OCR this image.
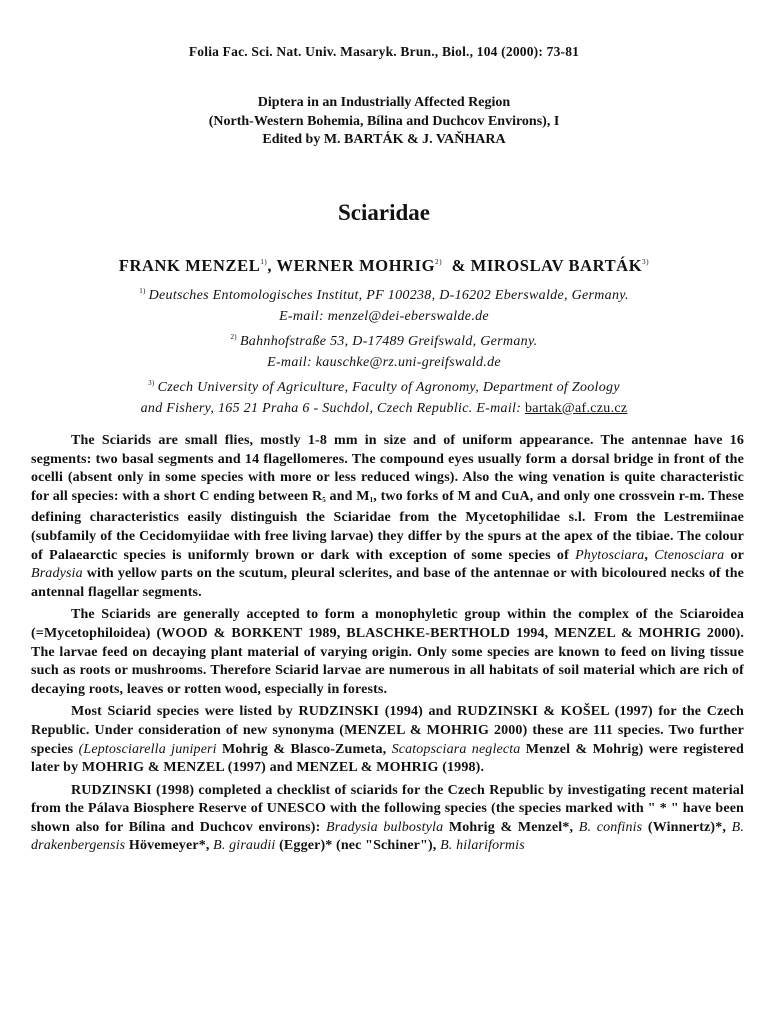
Folia Fac. Sci. Nat. Univ. Masaryk. Brun., Biol., 104 (2000): 73-81
Diptera in an Industrially Affected Region
(North-Western Bohemia, Bílina and Duchcov Environs), I
Edited by M. BARTÁK & J. VAŇHARA
Sciaridae
FRANK MENZEL$^{1)}$, WERNER MOHRIG$^{2)}$  & MIROSLAV BARTÁK$^{3)}$
$^{1)}$ Deutsches Entomologisches Institut, PF 100238, D-16202 Eberswalde, Germany.
E-mail: menzel@dei-eberswalde.de
$^{2)}$ Bahnhofstraße 53, D-17489 Greifswald, Germany.
E-mail: kauschke@rz.uni-greifswald.de
$^{3)}$ Czech University of Agriculture, Faculty of Agronomy, Department of Zoology
and Fishery, 165 21 Praha 6 - Suchdol, Czech Republic. E-mail: bartak@af.czu.cz

The Sciarids are small flies, mostly 1-8 mm in size and of uniform appearance. The antennae have 16 segments: two basal segments and 14 flagellomeres. The compound eyes usually form a dorsal bridge in front of the ocelli (absent only in some species with more or less reduced wings). Also the wing venation is quite characteristic for all species: with a short C ending between $R_5$ and $M_1$, two forks of M and CuA, and only one crossvein r-m. These defining characteristics easily distinguish the Sciaridae from the Mycetophilidae s.l. From the Lestremiinae (subfamily of the Cecidomyiidae with free living larvae) they differ by the spurs at the apex of the tibiae. The colour of Palaearctic species is uniformly brown or dark with exception of some species of Phytosciara, Ctenosciara or Bradysia with yellow parts on the scutum, pleural sclerites, and base of the antennae or with bicoloured necks of the antennal flagellar segments.

The Sciarids are generally accepted to form a monophyletic group within the complex of the Sciaroidea (=Mycetophiloidea) (WOOD & BORKENT 1989, BLASCHKE-BERTHOLD 1994, MENZEL & MOHRIG 2000). The larvae feed on decaying plant material of varying origin. Only some species are known to feed on living tissue such as roots or mushrooms. Therefore Sciarid larvae are numerous in all habitats of soil material which are rich of decaying roots, leaves or rotten wood, especially in forests.

Most Sciarid species were listed by RUDZINSKI (1994) and RUDZINSKI & KOŠEL (1997) for the Czech Republic. Under consideration of new synonyma (MENZEL & MOHRIG 2000) these are 111 species. Two further species (Leptosciarella juniperi Mohrig & Blasco-Zumeta, Scatopsciara neglecta Menzel & Mohrig) were registered later by MOHRIG & MENZEL (1997) and MENZEL & MOHRIG (1998).

RUDZINSKI (1998) completed a checklist of sciarids for the Czech Republic by investigating recent material from the Pálava Biosphere Reserve of UNESCO with the following species (the species marked with " * " have been shown also for Bílina and Duchcov environs): Bradysia bulbostyla Mohrig & Menzel*, B. confinis (Winnertz)*, B. drakenbergensis Hövemeyer*, B. giraudii (Egger)* (nec "Schiner"), B. hilariformis
